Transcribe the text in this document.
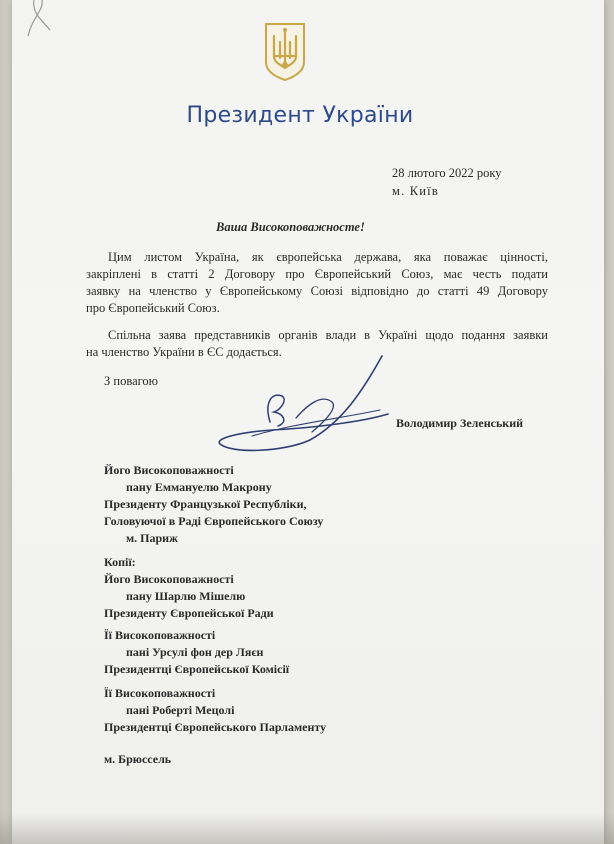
Президент України
28 лютого 2022 року
м. Київ
Ваша Високоповажносте!
Цим листом Україна, як європейська держава, яка поважає цінності,
закріплені в статті 2 Договору про Європейський Союз, має честь подати
заявку на членство у Європейському Союзі відповідно до статті 49 Договору
про Європейський Союз.
Спільна заява представників органів влади в Україні щодо подання заявки
на членство України в ЄС додається.
З повагою
Володимир Зеленський
Його Високоповажності
пану Еммануелю Макрону
Президенту Французької Республіки,
Головуючої в Раді Європейського Союзу
м. Париж
Копії:
Його Високоповажності
пану Шарлю Мішелю
Президенту Європейської Ради
Її Високоповажності
пані Урсулі фон дер Ляєн
Президентці Європейської Комісії
Її Високоповажності
пані Роберті Мецолі
Президентці Європейського Парламенту
м. Брюссель
